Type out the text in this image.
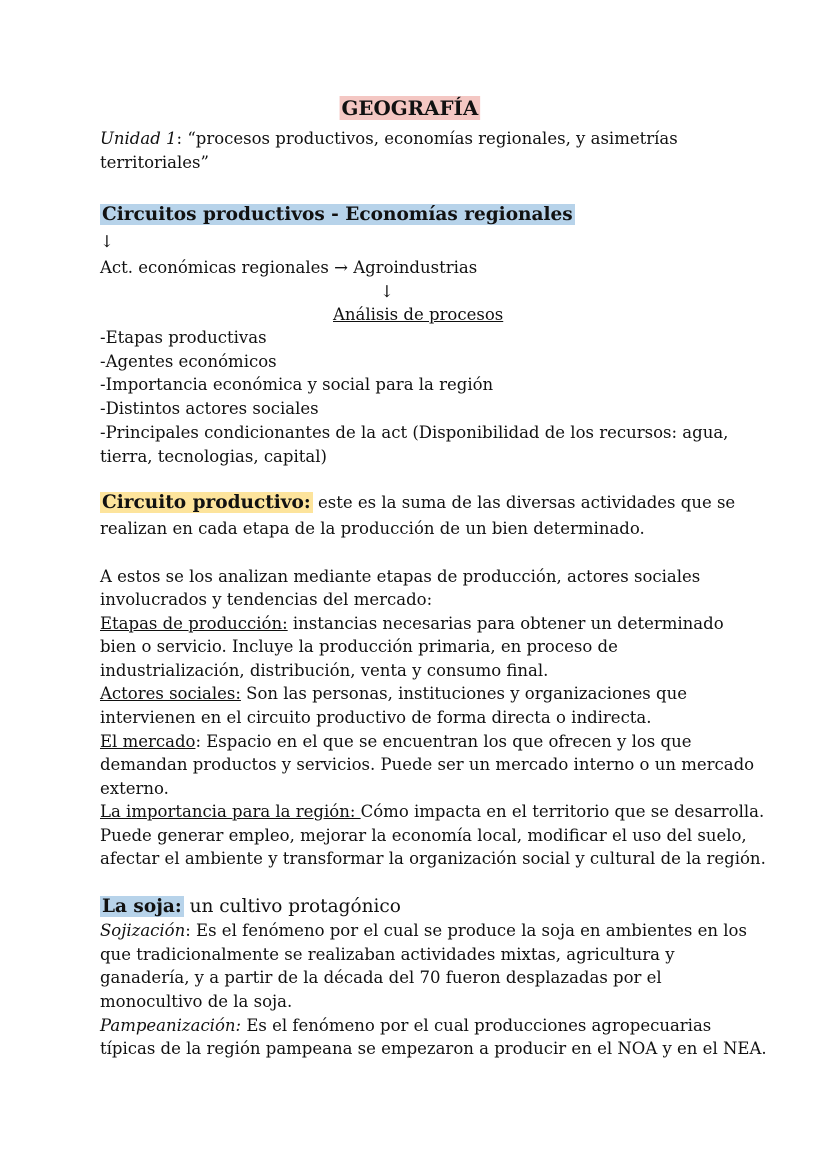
GEOGRAFÍA
Unidad 1: “procesos productivos, economías regionales, y asimetrías
territoriales”
Circuitos productivos - Economías regionales
↓
Act. económicas regionales → Agroindustrias
↓
Análisis de procesos
-Etapas productivas
-Agentes económicos
-Importancia económica y social para la región
-Distintos actores sociales
-Principales condicionantes de la act (Disponibilidad de los recursos: agua,
tierra, tecnologias, capital)
Circuito productivo: este es la suma de las diversas actividades que se
realizan en cada etapa de la producción de un bien determinado.
A estos se los analizan mediante etapas de producción, actores sociales
involucrados y tendencias del mercado:
Etapas de producción: instancias necesarias para obtener un determinado
bien o servicio. Incluye la producción primaria, en proceso de
industrialización, distribución, venta y consumo final.
Actores sociales: Son las personas, instituciones y organizaciones que
intervienen en el circuito productivo de forma directa o indirecta.
El mercado: Espacio en el que se encuentran los que ofrecen y los que
demandan productos y servicios. Puede ser un mercado interno o un mercado
externo.
La importancia para la región: Cómo impacta en el territorio que se desarrolla.
Puede generar empleo, mejorar la economía local, modificar el uso del suelo,
afectar el ambiente y transformar la organización social y cultural de la región.
La soja: un cultivo protagónico
Sojización: Es el fenómeno por el cual se produce la soja en ambientes en los
que tradicionalmente se realizaban actividades mixtas, agricultura y
ganadería, y a partir de la década del 70 fueron desplazadas por el
monocultivo de la soja.
Pampeanización: Es el fenómeno por el cual producciones agropecuarias
típicas de la región pampeana se empezaron a producir en el NOA y en el NEA.
